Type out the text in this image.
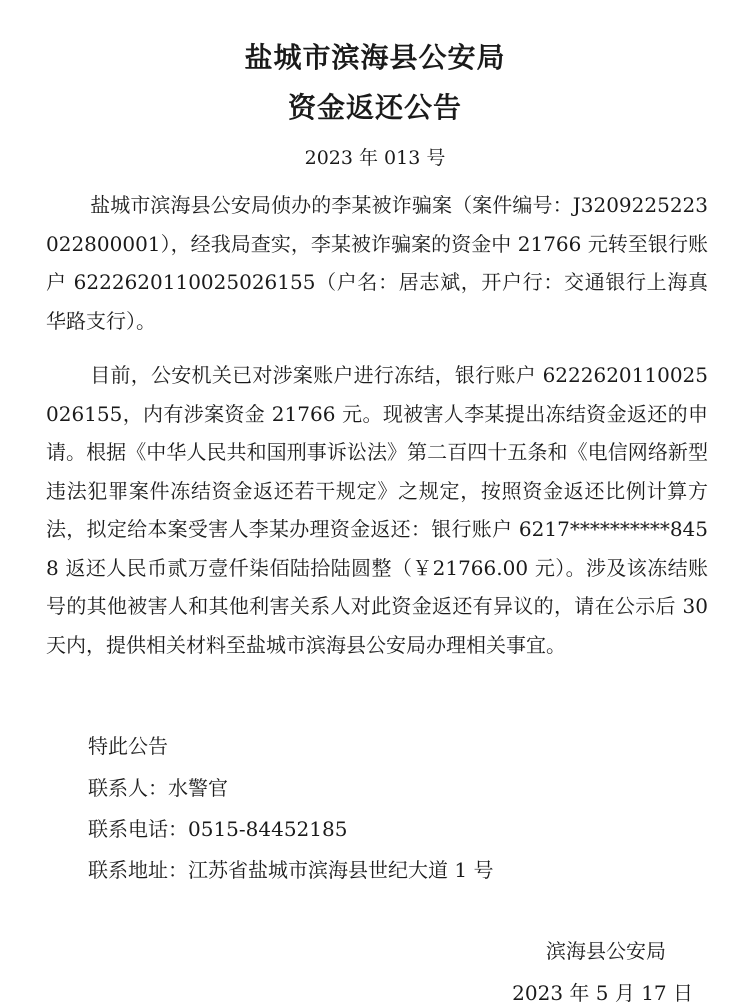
盐城市滨海县公安局
资金返还公告
2023 年 013 号

盐城市滨海县公安局侦办的李某被诈骗案（案件编号：J3209225223022800001），经我局查实，李某被诈骗案的资金中 21766 元转至银行账户 6222620110025026155（户名：居志斌，开户行：交通银行上海真华路支行）。

目前，公安机关已对涉案账户进行冻结，银行账户 6222620110025026155，内有涉案资金 21766 元。现被害人李某提出冻结资金返还的申请。根据《中华人民共和国刑事诉讼法》第二百四十五条和《电信网络新型违法犯罪案件冻结资金返还若干规定》之规定，按照资金返还比例计算方法，拟定给本案受害人李某办理资金返还：银行账户 6217**********8458 返还人民币贰万壹仟柒佰陆拾陆圆整（￥21766.00 元）。涉及该冻结账号的其他被害人和其他利害关系人对此资金返还有异议的，请在公示后 30 天内，提供相关材料至盐城市滨海县公安局办理相关事宜。

特此公告
联系人：水警官
联系电话：0515-84452185
联系地址：江苏省盐城市滨海县世纪大道 1 号
滨海县公安局
2023 年 5 月 17 日
